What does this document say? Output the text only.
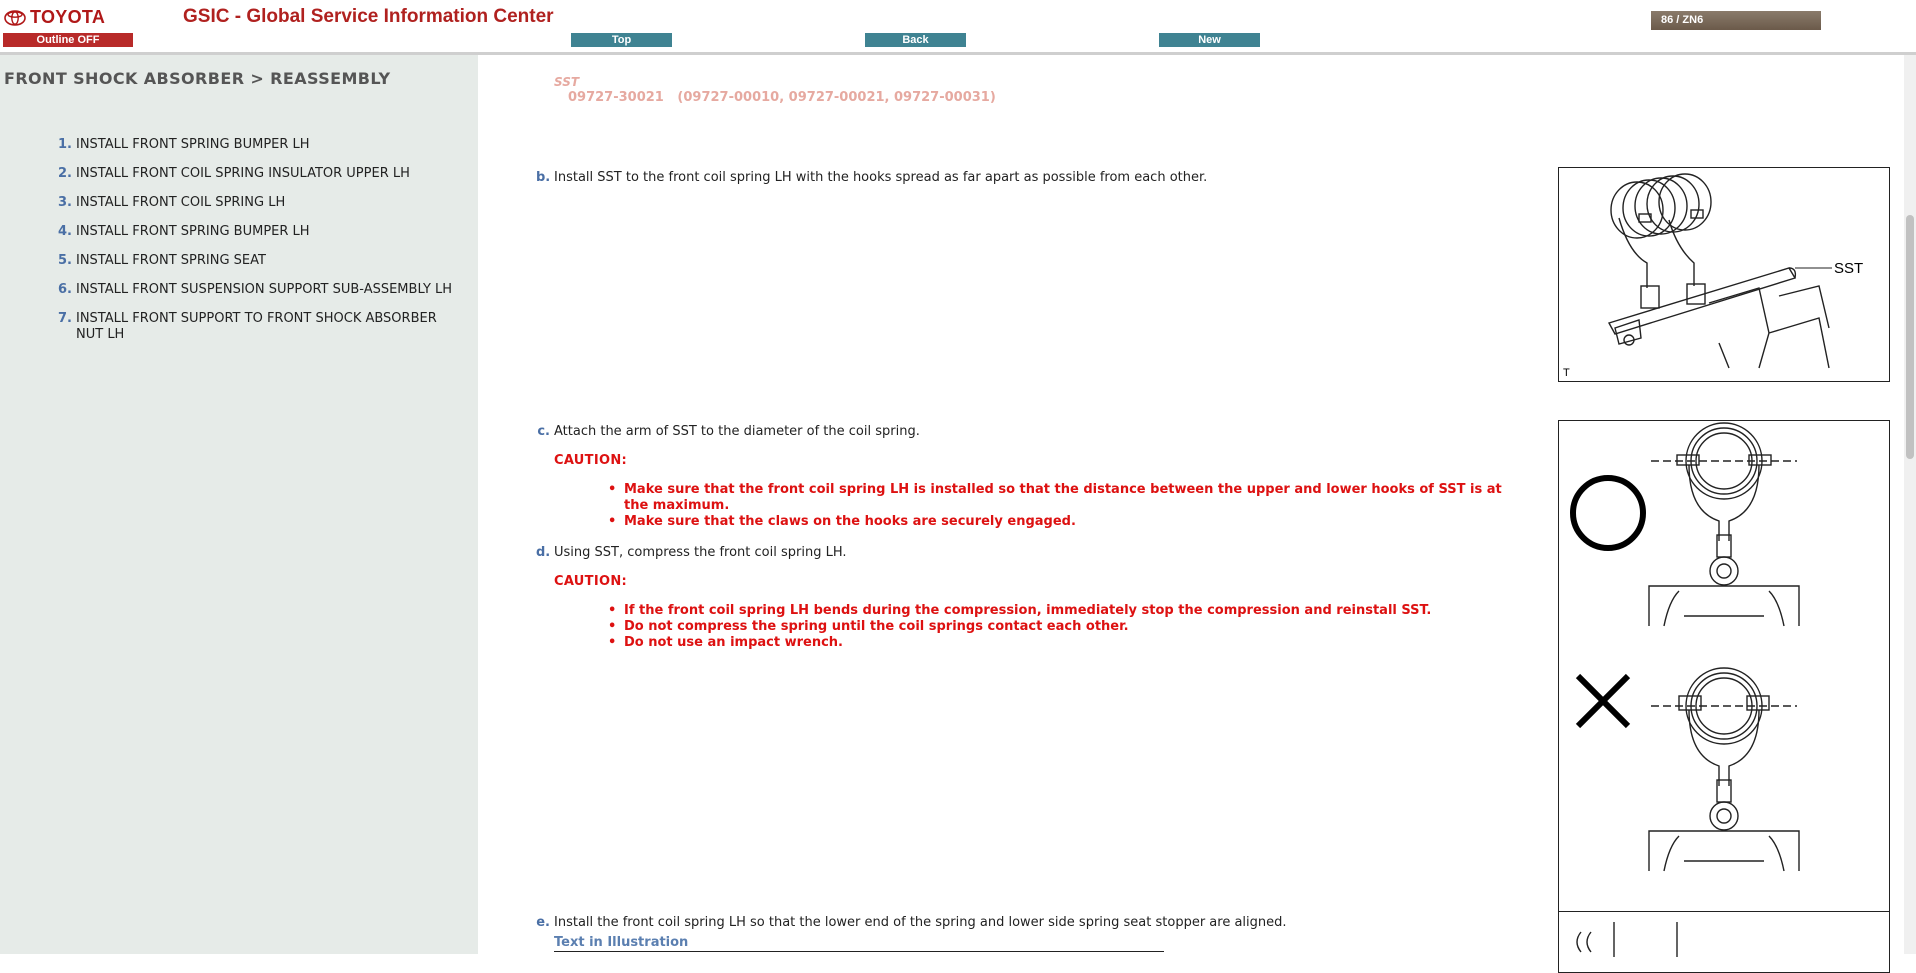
TOYOTA	GSIC - Global Service Information Center
Outline OFF	Top	Back	New
86 / ZN6
FRONT SHOCK ABSORBER > REASSEMBLY
1. INSTALL FRONT SPRING BUMPER LH
2. INSTALL FRONT COIL SPRING INSULATOR UPPER LH
3. INSTALL FRONT COIL SPRING LH
4. INSTALL FRONT SPRING BUMPER LH
5. INSTALL FRONT SPRING SEAT
6. INSTALL FRONT SUSPENSION SUPPORT SUB-ASSEMBLY LH
7. INSTALL FRONT SUPPORT TO FRONT SHOCK ABSORBER NUT LH
SST
09727-30021   (09727-00010, 09727-00021, 09727-00031)
b. Install SST to the front coil spring LH with the hooks spread as far apart as possible from each other.
SST
T
c. Attach the arm of SST to the diameter of the coil spring.
CAUTION:
• Make sure that the front coil spring LH is installed so that the distance between the upper and lower hooks of SST is at the maximum.
• Make sure that the claws on the hooks are securely engaged.
d. Using SST, compress the front coil spring LH.
CAUTION:
• If the front coil spring LH bends during the compression, immediately stop the compression and reinstall SST.
• Do not compress the spring until the coil springs contact each other.
• Do not use an impact wrench.
e. Install the front coil spring LH so that the lower end of the spring and lower side spring seat stopper are aligned.
Text in Illustration
